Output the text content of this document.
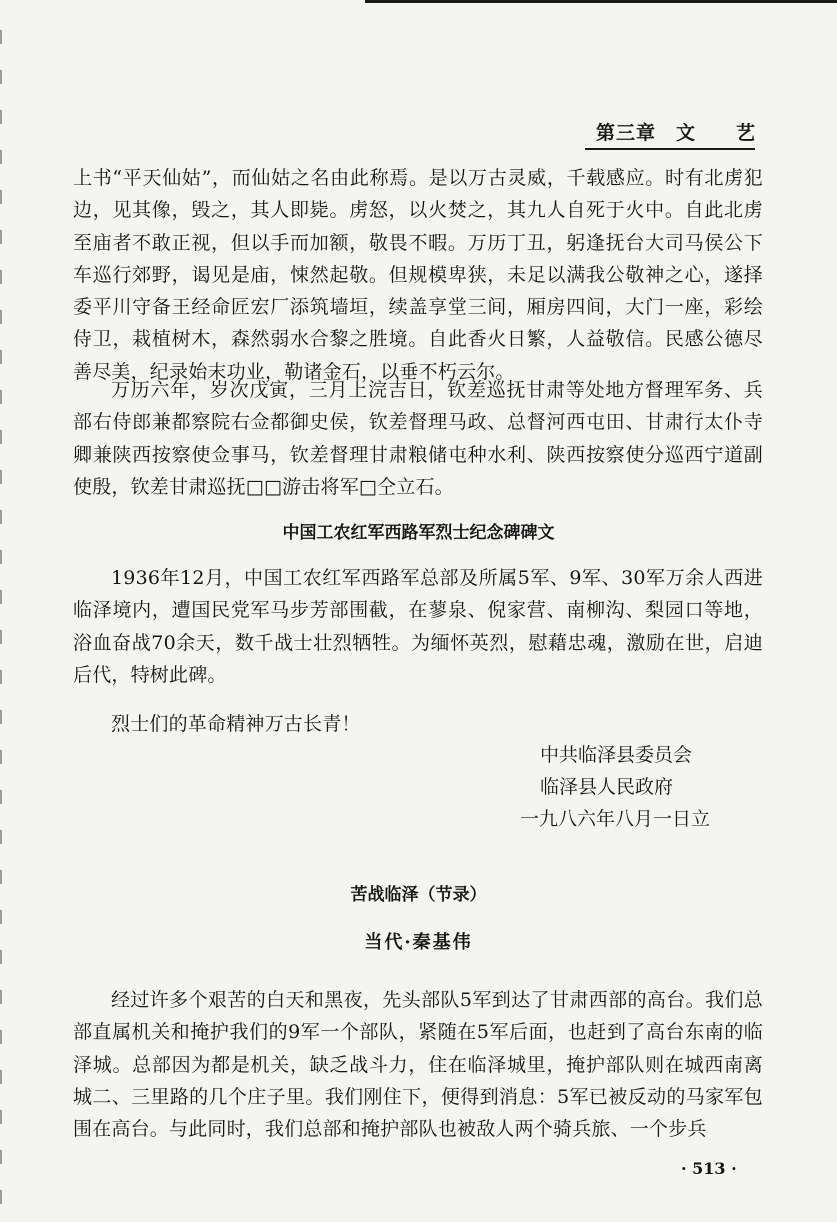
第三章　文　　艺

上书“平天仙姑”，而仙姑之名由此称焉。是以万古灵威，千载感应。时有北虏犯边，见其像，毁之，其人即毙。虏怒，以火焚之，其九人自死于火中。自此北虏至庙者不敢正视，但以手而加额，敬畏不暇。万历丁丑，躬逢抚台大司马侯公下车巡行郊野，谒见是庙，悚然起敬。但规模卑狭，未足以满我公敬神之心，遂择委平川守备王经命匠宏厂添筑墙垣，续盖享堂三间，厢房四间，大门一座，彩绘侍卫，栽植树木，森然弱水合黎之胜境。自此香火日繁，人益敬信。民感公德尽善尽美，纪录始末功业，勒诸金石，以垂不朽云尔。

万历六年，岁次戊寅，三月上浣吉日，钦差巡抚甘肃等处地方督理军务、兵部右侍郎兼都察院右佥都御史侯，钦差督理马政、总督河西屯田、甘肃行太仆寺卿兼陕西按察使佥事马，钦差督理甘肃粮储屯种水利、陕西按察使分巡西宁道副使殷，钦差甘肃巡抚□□游击将军□仝立石。

中国工农红军西路军烈士纪念碑碑文

1936年12月，中国工农红军西路军总部及所属5军、9军、30军万余人西进临泽境内，遭国民党军马步芳部围截，在蓼泉、倪家营、南柳沟、梨园口等地，浴血奋战70余天，数千战士壮烈牺牲。为缅怀英烈，慰藉忠魂，激励在世，启迪后代，特树此碑。

烈士们的革命精神万古长青！

中共临泽县委员会

临泽县人民政府

一九八六年八月一日立

苦战临泽（节录）

当代·秦基伟

经过许多个艰苦的白天和黑夜，先头部队5军到达了甘肃西部的高台。我们总部直属机关和掩护我们的9军一个部队，紧随在5军后面，也赶到了高台东南的临泽城。总部因为都是机关，缺乏战斗力，住在临泽城里，掩护部队则在城西南离城二、三里路的几个庄子里。我们刚住下，便得到消息：5军已被反动的马家军包围在高台。与此同时，我们总部和掩护部队也被敌人两个骑兵旅、一个步兵

· 513 ·
